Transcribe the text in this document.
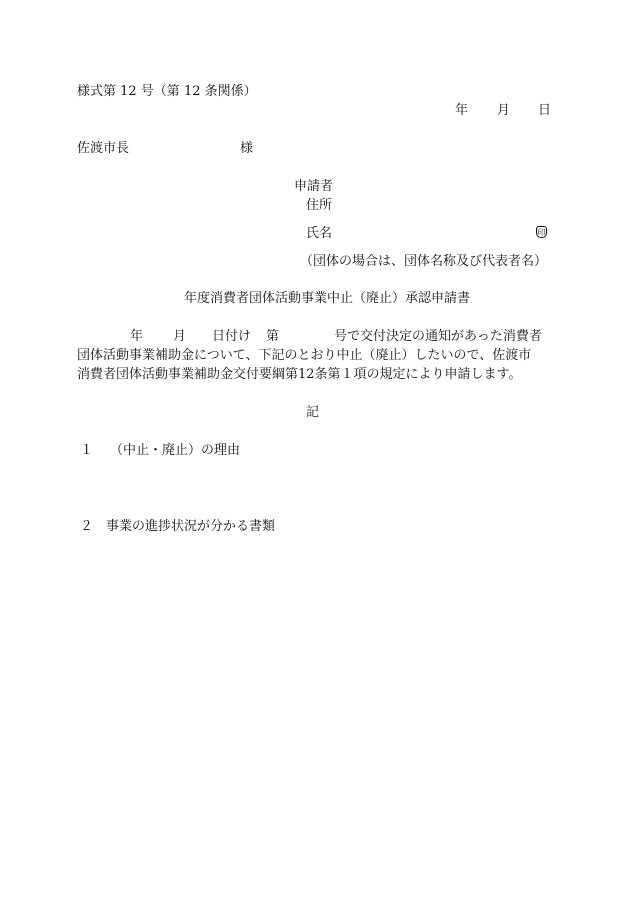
様式第 12 号（第 12 条関係）
年 月 日
佐渡市長	様
申請者
住所
氏名	印
（団体の場合は、団体名称及び代表者名）
年度消費者団体活動事業中止（廃止）承認申請書
年 月 日付け 第	号で交付決定の通知があった消費者
団体活動事業補助金について、下記のとおり中止（廃止）したいので、佐渡市
消費者団体活動事業補助金交付要綱第12条第１項の規定により申請します。
記
１ （中止・廃止）の理由
２ 事業の進捗状況が分かる書類
